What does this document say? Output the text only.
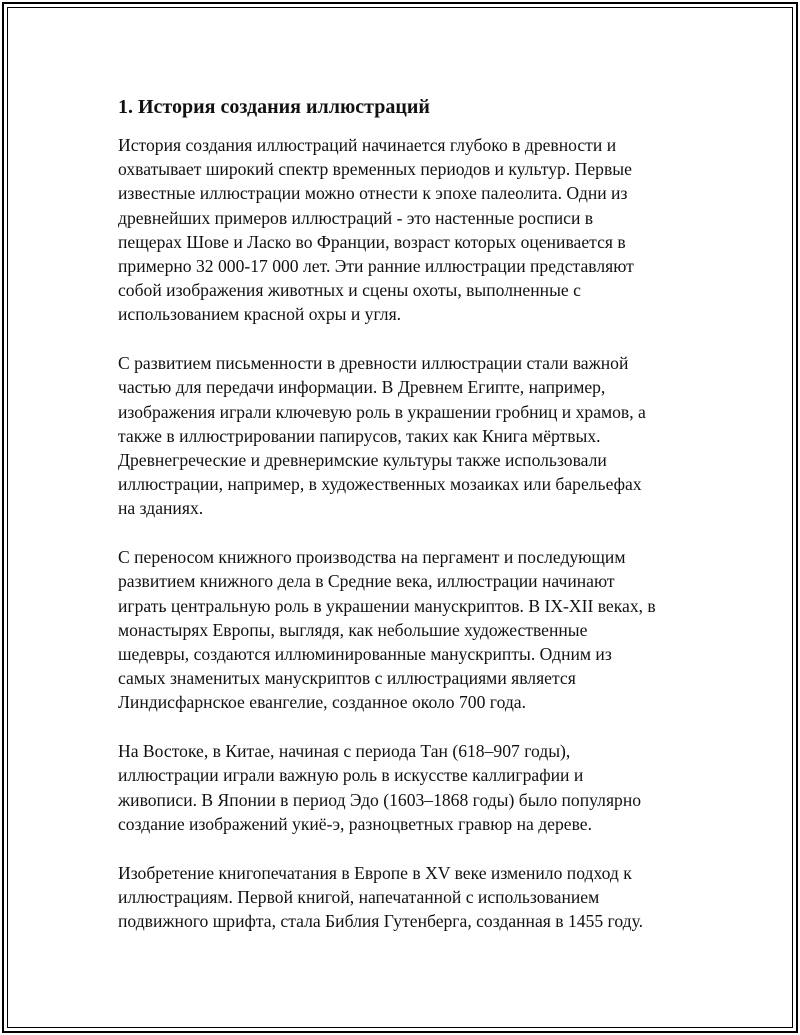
1. История создания иллюстраций

История создания иллюстраций начинается глубоко в древности и
охватывает широкий спектр временных периодов и культур. Первые
известные иллюстрации можно отнести к эпохе палеолита. Одни из
древнейших примеров иллюстраций - это настенные росписи в
пещерах Шове и Ласко во Франции, возраст которых оценивается в
примерно 32 000-17 000 лет. Эти ранние иллюстрации представляют
собой изображения животных и сцены охоты, выполненные с
использованием красной охры и угля.

С развитием письменности в древности иллюстрации стали важной
частью для передачи информации. В Древнем Египте, например,
изображения играли ключевую роль в украшении гробниц и храмов, а
также в иллюстрировании папирусов, таких как Книга мёртвых.
Древнегреческие и древнеримские культуры также использовали
иллюстрации, например, в художественных мозаиках или барельефах
на зданиях.

С переносом книжного производства на пергамент и последующим
развитием книжного дела в Средние века, иллюстрации начинают
играть центральную роль в украшении манускриптов. В IX-XII веках, в
монастырях Европы, выглядя, как небольшие художественные
шедевры, создаются иллюминированные манускрипты. Одним из
самых знаменитых манускриптов с иллюстрациями является
Линдисфарнское евангелие, созданное около 700 года.

На Востоке, в Китае, начиная с периода Тан (618–907 годы),
иллюстрации играли важную роль в искусстве каллиграфии и
живописи. В Японии в период Эдо (1603–1868 годы) было популярно
создание изображений укиё-э, разноцветных гравюр на дереве.

Изобретение книгопечатания в Европе в XV веке изменило подход к
иллюстрациям. Первой книгой, напечатанной с использованием
подвижного шрифта, стала Библия Гутенберга, созданная в 1455 году.
